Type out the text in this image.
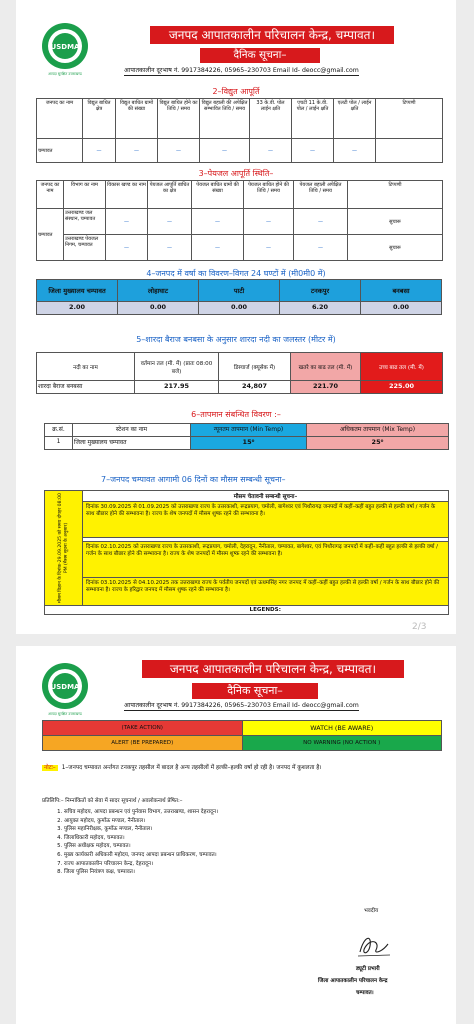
USDMA
आपदा सुरक्षित उत्तराखण्ड
जनपद आपातकालीन परिचालन केन्द्र, चम्पावत।
दैनिक सूचना–
आपातकालीन दूरभाष नं. 9917384226, 05965–230703 Email Id- deocc@gmail.com
2–विद्युत आपूर्ति
जनपद का नाम	विद्युत बाधित क्षेत्र	विद्युत बाधित ग्रामों की संख्या	विद्युत बाधित होने का तिथि / समय	विद्युत बहाली की अपेक्षित सम्भावित तिथि / समय	33 के.वी. पोल लाईन क्षति	एचटी 11 के.वी. पोल / लाईन क्षति	एलटी पोल / लाईन क्षति	टिप्पणी
चम्पावत	—	—	—	—	—	—	—	
3–पेयजल आपूर्ति स्थिति–
जनपद का नाम	विभाग का नाम	विकास खण्ड का नाम	पेयजल आपूर्ति बाधित का क्षेत्र	पेयजल बाधित ग्रामों की संख्या	पेयजल बाधित होने की तिथि / समय	पेयजल बहाली अपेक्षित तिथि / समय	टिप्पणी
चम्पावत	उत्तराखण्ड जल संस्थान, चम्पावत	—	—	—	—	—	सुचारू
	उत्तराखण्ड पेयजल निगम, चम्पावत	—	—	—	—	—	सुचारू
4–जनपद में वर्षा का विवरण–विगत 24 घण्टों में (मी0मी0 में)
जिला मुख्यालय चम्पावत	लोहाघाट	पाटी	टनकपुर	बनबसा
2.00	0.00	0.00	6.20	0.00
5–शारदा बैराज बनबसा के अनुसार शारदा नदी का जलस्तर (मीटर में)
नदी का नाम	वर्तमान तल (मी. में) (प्रातः 08:00 बजे)	डिस्चार्ज (क्यूसेक में)	खतरे का बाढ तल (मी. में)	उच्च बाढ तल (मी. में)
शारदा बैराज बनबसा	217.95	24,807	221.70	225.00
6–तापमान संबन्धित विवरण :–
क्र.सं.	स्टेशन का नाम	न्यूनतम तापमान (Min Temp)	अधिकतम तापमान (Mix Temp)
1	जिला मुख्यालय चम्पावत	15⁰	25⁰
7–जनपद चम्पावत आगामी 06 दिनों का मौसम सम्बन्धी सूचना–
मौसम विज्ञान के दिनांक-29.09.2025 को समय दोपहर 08:00 PM (मैसम सूचना के अनुसार)	मौसम चेतावनी सम्बन्धी सूचना–
	दिनांक 30.09.2025 से 01.09.2025 को उत्तराखण्ड राज्य के उत्तरकाशी, रूद्रप्रयाग, चमोली, बागेश्वर एवं पिथौरागढ़ जनपदों में कहीं–कहीं बहुत हल्की से हल्की वर्षा / गर्जन के साथ बौछार होने की सम्भावना है। राज्य के शेष जनपदों में मौसम शुष्क रहने की सम्भावना है।

	दिनांक 02.10.2025 को उत्तराखण्ड राज्य के उत्तरकाशी, रूद्रप्रयाग, चमोली, देहरादून, नैनीताल, चम्पावत, बागेश्वर, एवं पिथौरागढ़ जनपदों में कहीं–कहीं बहुत हल्की से हल्की वर्षा / गर्जन के साथ बौछार होने की सम्भावना है। राज्य के शेष जनपदों में मौसम शुष्क रहने की सम्भावना है।
	दिनांक 03.10.2025 से 04.10.2025 तक उत्तराखण्ड राज्य के पर्वतीय जनपदों एवं ऊधमसिंह नगर जनपद में कहीं–कहीं बहुत हल्की से हल्की वर्षा / गर्जन के साथ बौछार होने की सम्भावना है। राज्य के हरिद्वार जनपद में मौसम शुष्क रहने की सम्भावना है।
	LEGENDS:
2/3
USDMA
आपदा सुरक्षित उत्तराखण्ड
जनपद आपातकालीन परिचालन केन्द्र, चम्पावत।
दैनिक सूचना–
आपातकालीन दूरभाष नं. 9917384226, 05965–230703 Email Id- deocc@gmail.com
(TAKE ACTION)	WATCH (BE AWARE)
ALERT (BE PREPARED)	NO WARNING (NO ACTION )
नोटः– 1–जनपद चम्पावत अर्न्तगत टनकपुर तहसील में बादल है अन्य तहसीलों में हल्की–हल्की वर्षा हो रही है। जनपद में कुशलता है।
प्रतिलिपि:– निम्नांकितों को सेवा में सादर सूचनार्थ / अवलोकनार्थ प्रेषित:–
1. सचिव महोदय, आपदा प्रबन्धन एवं पुर्नवास विभाग, उत्तराखण्ड, शासन देहरादून।
2. आयुक्त महोदय, कुमाँऊ मण्डल, नैनीताल।
3. पुलिस महानिरीक्षक, कुमाँऊ मण्डल, नैनीताल।
4. जिलाधिकारी महोदय, चम्पावत।
5. पुलिस अधीक्षक महोदय, चम्पावत।
6. मुख्य कार्यकारी अधिकारी महोदय, जनपद आपदा प्रबन्धन प्राधिकरण, चम्पावत।
7. राज्य आपातकालीन परिचालन केन्द्र, देहरादून।
8. जिला पुलिस नियंत्रण कक्ष, चम्पावत।
भवदीय
ड्यूटी प्रभारी
जिला आपातकालीन परिचालन केन्द्र
चम्पावत।
